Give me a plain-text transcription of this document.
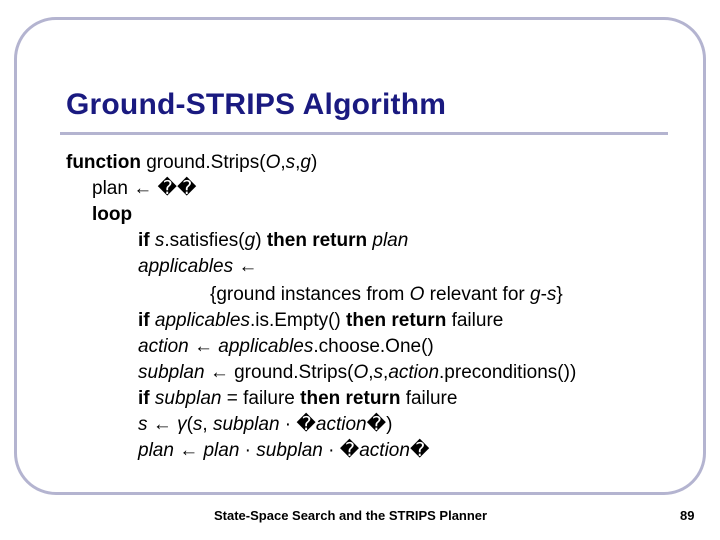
Ground-STRIPS Algorithm
function ground.Strips(O,s,g)
plan ← ��
loop
if s.satisfies(g) then return plan
applicables ←
{ground instances from O relevant for g-s}
if applicables.is.Empty() then return failure
action ← applicables.choose.One()
subplan ← ground.Strips(O,s,action.preconditions())
if subplan = failure then return failure
s ← γ(s, subplan · �action�)
plan ← plan · subplan · �action�
State-Space Search and the STRIPS Planner	89
